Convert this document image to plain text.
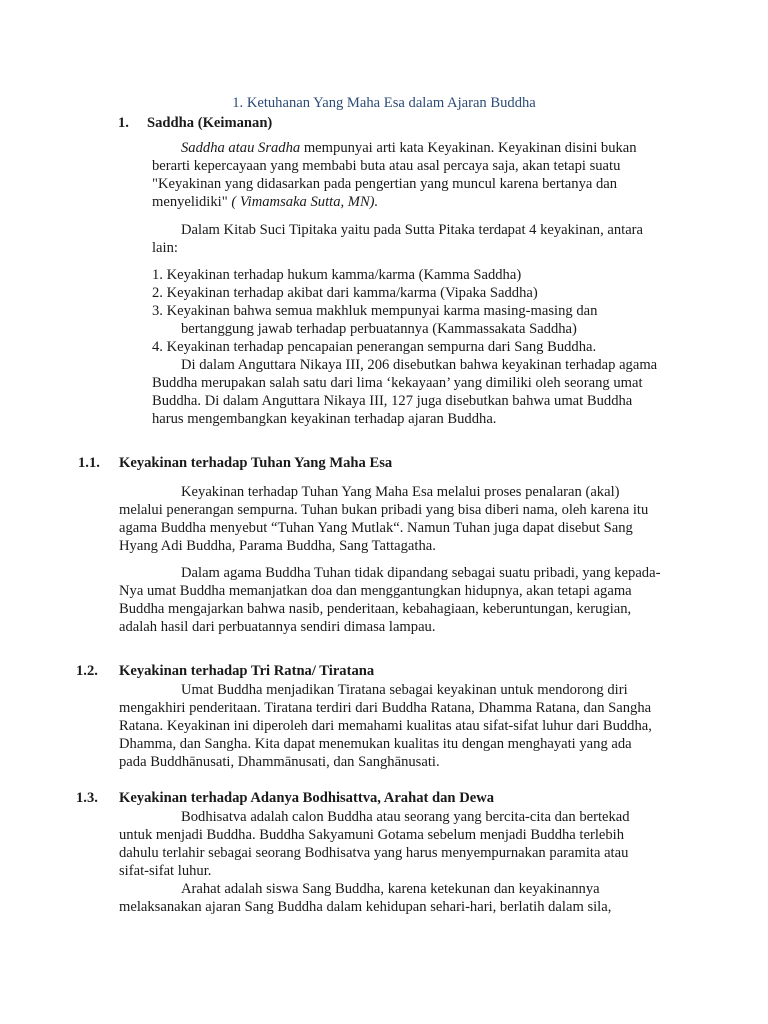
1. Ketuhanan Yang Maha Esa dalam Ajaran Buddha
1. Saddha (Keimanan)
Saddha atau Sradha mempunyai arti kata Keyakinan. Keyakinan disini bukan
berarti kepercayaan yang membabi buta atau asal percaya saja, akan tetapi suatu
"Keyakinan yang didasarkan pada pengertian yang muncul karena bertanya dan
menyelidiki" ( Vimamsaka Sutta, MN).
Dalam Kitab Suci Tipitaka yaitu pada Sutta Pitaka terdapat 4 keyakinan, antara
lain:
1. Keyakinan terhadap hukum kamma/karma (Kamma Saddha)
2. Keyakinan terhadap akibat dari kamma/karma (Vipaka Saddha)
3. Keyakinan bahwa semua makhluk mempunyai karma masing-masing dan
bertanggung jawab terhadap perbuatannya (Kammassakata Saddha)
4. Keyakinan terhadap pencapaian penerangan sempurna dari Sang Buddha.
Di dalam Anguttara Nikaya III, 206 disebutkan bahwa keyakinan terhadap agama
Buddha merupakan salah satu dari lima ‘kekayaan’ yang dimiliki oleh seorang umat
Buddha. Di dalam Anguttara Nikaya III, 127 juga disebutkan bahwa umat Buddha
harus mengembangkan keyakinan terhadap ajaran Buddha.
1.1. Keyakinan terhadap Tuhan Yang Maha Esa
Keyakinan terhadap Tuhan Yang Maha Esa melalui proses penalaran (akal)
melalui penerangan sempurna. Tuhan bukan pribadi yang bisa diberi nama, oleh karena itu
agama Buddha menyebut “Tuhan Yang Mutlak“. Namun Tuhan juga dapat disebut Sang
Hyang Adi Buddha, Parama Buddha, Sang Tattagatha.
Dalam agama Buddha Tuhan tidak dipandang sebagai suatu pribadi, yang kepada-
Nya umat Buddha memanjatkan doa dan menggantungkan hidupnya, akan tetapi agama
Buddha mengajarkan bahwa nasib, penderitaan, kebahagiaan, keberuntungan, kerugian,
adalah hasil dari perbuatannya sendiri dimasa lampau.
1.2. Keyakinan terhadap Tri Ratna/ Tiratana
Umat Buddha menjadikan Tiratana sebagai keyakinan untuk mendorong diri
mengakhiri penderitaan. Tiratana terdiri dari Buddha Ratana, Dhamma Ratana, dan Sangha
Ratana. Keyakinan ini diperoleh dari memahami kualitas atau sifat-sifat luhur dari Buddha,
Dhamma, dan Sangha. Kita dapat menemukan kualitas itu dengan menghayati yang ada
pada Buddhānusati, Dhammānusati, dan Sanghānusati.
1.3. Keyakinan terhadap Adanya Bodhisattva, Arahat dan Dewa
Bodhisatva adalah calon Buddha atau seorang yang bercita-cita dan bertekad
untuk menjadi Buddha. Buddha Sakyamuni Gotama sebelum menjadi Buddha terlebih
dahulu terlahir sebagai seorang Bodhisatva yang harus menyempurnakan paramita atau
sifat-sifat luhur.
Arahat adalah siswa Sang Buddha, karena ketekunan dan keyakinannya
melaksanakan ajaran Sang Buddha dalam kehidupan sehari-hari, berlatih dalam sila,
